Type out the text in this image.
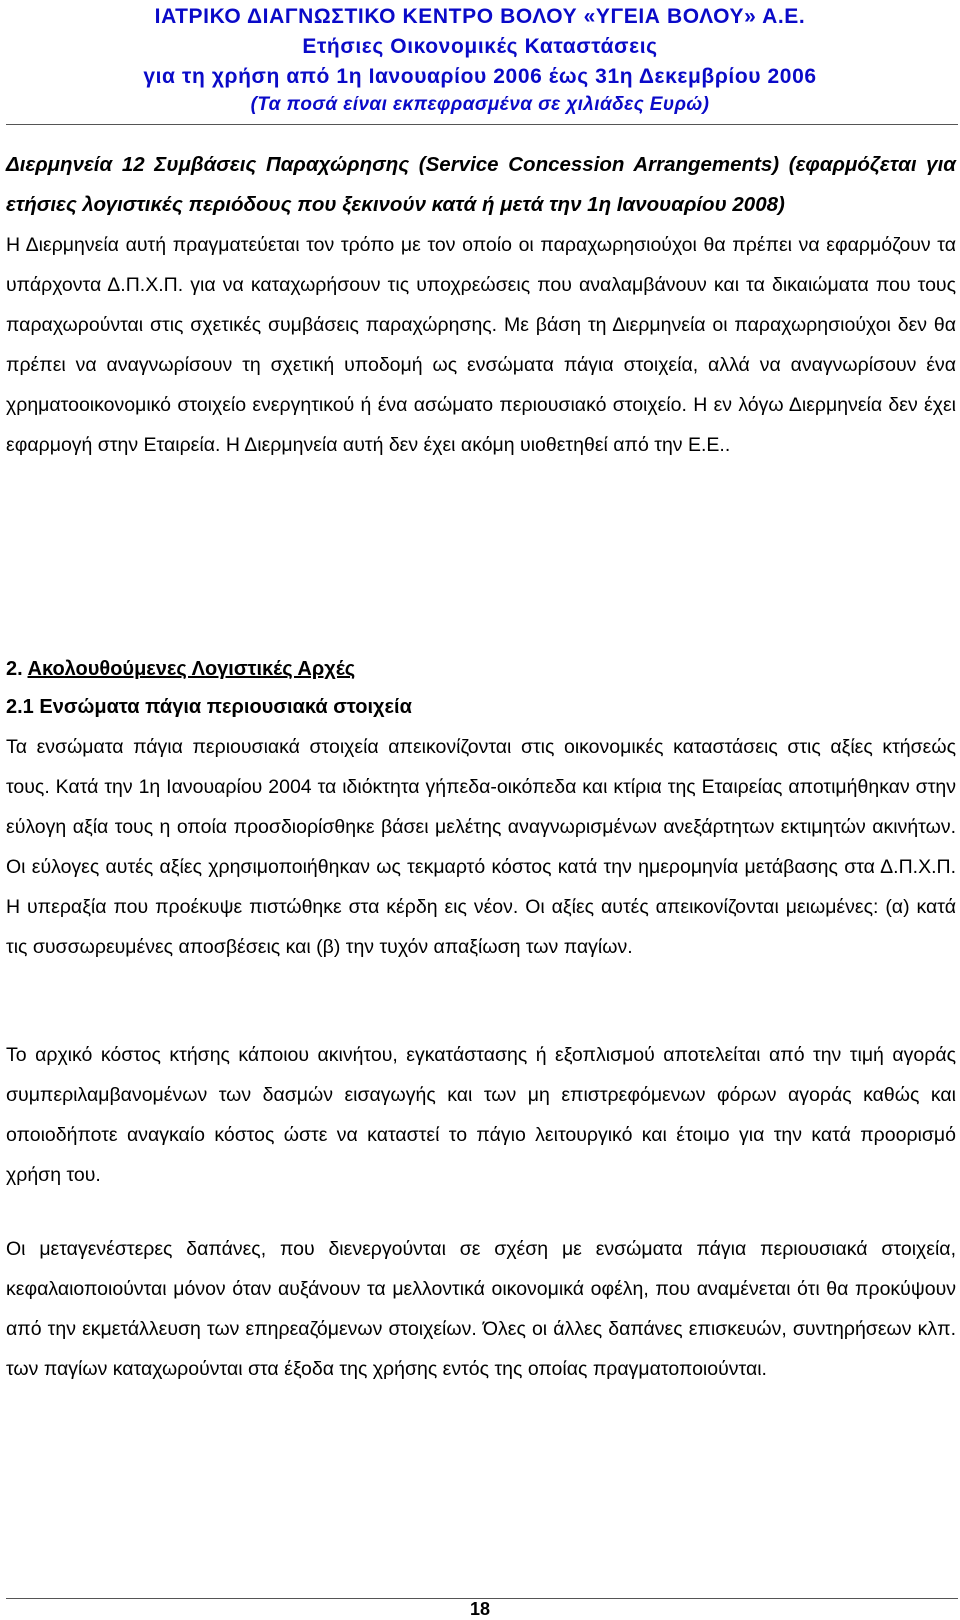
ΙΑΤΡΙΚΟ ΔΙΑΓΝΩΣΤΙΚΟ ΚΕΝΤΡΟ ΒΟΛΟΥ «ΥΓΕΙΑ ΒΟΛΟΥ» Α.Ε.
Ετήσιες Οικονομικές Καταστάσεις
για τη χρήση από 1η Ιανουαρίου 2006 έως 31η Δεκεμβρίου 2006
(Τα ποσά είναι εκπεφρασμένα σε χιλιάδες Ευρώ)
Διερμηνεία 12 Συμβάσεις Παραχώρησης (Service Concession Arrangements) (εφαρμόζεται για ετήσιες λογιστικές περιόδους που ξεκινούν κατά ή μετά την 1η Ιανουαρίου 2008)

Η Διερμηνεία αυτή πραγματεύεται τον τρόπο με τον οποίο οι παραχωρησιούχοι θα πρέπει να εφαρμόζουν τα υπάρχοντα Δ.Π.Χ.Π. για να καταχωρήσουν τις υποχρεώσεις που αναλαμβάνουν και τα δικαιώματα που τους παραχωρούνται στις σχετικές συμβάσεις παραχώρησης. Με βάση τη Διερμηνεία οι παραχωρησιούχοι δεν θα πρέπει να αναγνωρίσουν τη σχετική υποδομή ως ενσώματα πάγια στοιχεία, αλλά να αναγνωρίσουν ένα χρηματοοικονομικό στοιχείο ενεργητικού ή ένα ασώματο περιουσιακό στοιχείο. Η εν λόγω Διερμηνεία δεν έχει εφαρμογή στην Εταιρεία. Η Διερμηνεία αυτή δεν έχει ακόμη υιοθετηθεί από την Ε.Ε..

2. Ακολουθούμενες Λογιστικές Αρχές
2.1 Ενσώματα πάγια περιουσιακά στοιχεία

Τα ενσώματα πάγια περιουσιακά στοιχεία απεικονίζονται στις οικονομικές καταστάσεις στις αξίες κτήσεώς τους. Κατά την 1η Ιανουαρίου 2004 τα ιδιόκτητα γήπεδα-οικόπεδα και κτίρια της Εταιρείας αποτιμήθηκαν στην εύλογη αξία τους η οποία προσδιορίσθηκε βάσει μελέτης αναγνωρισμένων ανεξάρτητων εκτιμητών ακινήτων. Οι εύλογες αυτές αξίες χρησιμοποιήθηκαν ως τεκμαρτό κόστος κατά την ημερομηνία μετάβασης στα Δ.Π.Χ.Π. Η υπεραξία που προέκυψε πιστώθηκε στα κέρδη εις νέον. Οι αξίες αυτές απεικονίζονται μειωμένες: (α) κατά τις συσσωρευμένες αποσβέσεις και (β) την τυχόν απαξίωση των παγίων.

Το αρχικό κόστος κτήσης κάποιου ακινήτου, εγκατάστασης ή εξοπλισμού αποτελείται από την τιμή αγοράς συμπεριλαμβανομένων των δασμών εισαγωγής και των μη επιστρεφόμενων φόρων αγοράς καθώς και οποιοδήποτε αναγκαίο κόστος ώστε να καταστεί το πάγιο λειτουργικό και έτοιμο για την κατά προορισμό χρήση του.

Οι μεταγενέστερες δαπάνες, που διενεργούνται σε σχέση με ενσώματα πάγια περιουσιακά στοιχεία, κεφαλαιοποιούνται μόνον όταν αυξάνουν τα μελλοντικά οικονομικά οφέλη, που αναμένεται ότι θα προκύψουν από την εκμετάλλευση των επηρεαζόμενων στοιχείων. Όλες οι άλλες δαπάνες επισκευών, συντηρήσεων κλπ. των παγίων καταχωρούνται στα έξοδα της χρήσης εντός της οποίας πραγματοποιούνται.

18
